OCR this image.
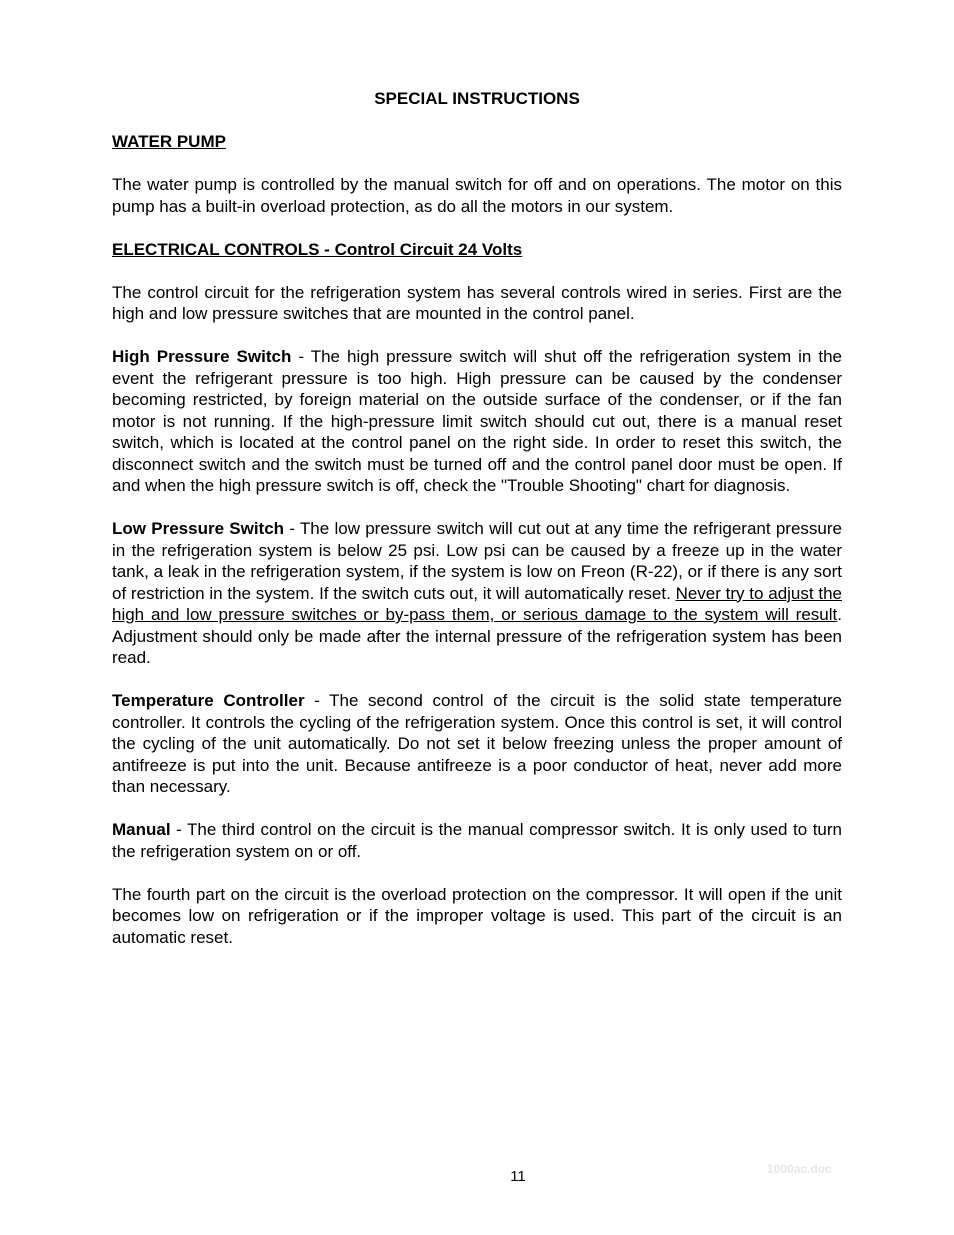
SPECIAL INSTRUCTIONS
WATER PUMP

The water pump is controlled by the manual switch for off and on operations. The motor on this pump has a built-in overload protection, as do all the motors in our system.

ELECTRICAL CONTROLS - Control Circuit 24 Volts

The control circuit for the refrigeration system has several controls wired in series. First are the high and low pressure switches that are mounted in the control panel.

High Pressure Switch - The high pressure switch will shut off the refrigeration system in the event the refrigerant pressure is too high. High pressure can be caused by the condenser becoming restricted, by foreign material on the outside surface of the condenser, or if the fan motor is not running. If the high-pressure limit switch should cut out, there is a manual reset switch, which is located at the control panel on the right side. In order to reset this switch, the disconnect switch and the switch must be turned off and the control panel door must be open. If and when the high pressure switch is off, check the "Trouble Shooting" chart for diagnosis.

Low Pressure Switch - The low pressure switch will cut out at any time the refrigerant pressure in the refrigeration system is below 25 psi. Low psi can be caused by a freeze up in the water tank, a leak in the refrigeration system, if the system is low on Freon (R-22), or if there is any sort of restriction in the system. If the switch cuts out, it will automatically reset. Never try to adjust the high and low pressure switches or by-pass them, or serious damage to the system will result. Adjustment should only be made after the internal pressure of the refrigeration system has been read.

Temperature Controller - The second control of the circuit is the solid state temperature controller. It controls the cycling of the refrigeration system. Once this control is set, it will control the cycling of the unit automatically. Do not set it below freezing unless the proper amount of antifreeze is put into the unit. Because antifreeze is a poor conductor of heat, never add more than necessary.

Manual - The third control on the circuit is the manual compressor switch. It is only used to turn the refrigeration system on or off.

The fourth part on the circuit is the overload protection on the compressor. It will open if the unit becomes low on refrigeration or if the improper voltage is used. This part of the circuit is an automatic reset.

11	1000ac.doc
